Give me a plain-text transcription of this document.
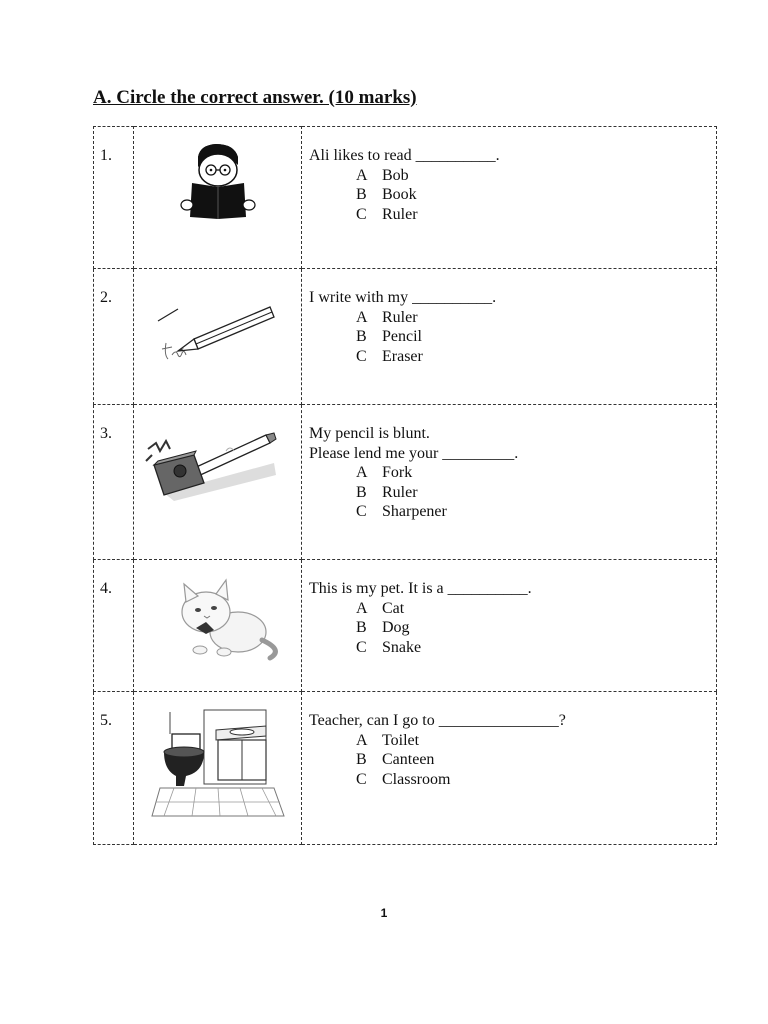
A. Circle the correct answer. (10 marks)
1.		Ali likes to read __________.
A Bob
B Book
C Ruler

2.		I write with my __________.
A Ruler
B Pencil
C Eraser

3.		My pencil is blunt.
Please lend me your _________.
A Fork
B Ruler
C Sharpener

4.		This is my pet. It is a __________.
A Cat
B Dog
C Snake

5.		Teacher, can I go to _______________?
A Toilet
B Canteen
C Classroom
1
